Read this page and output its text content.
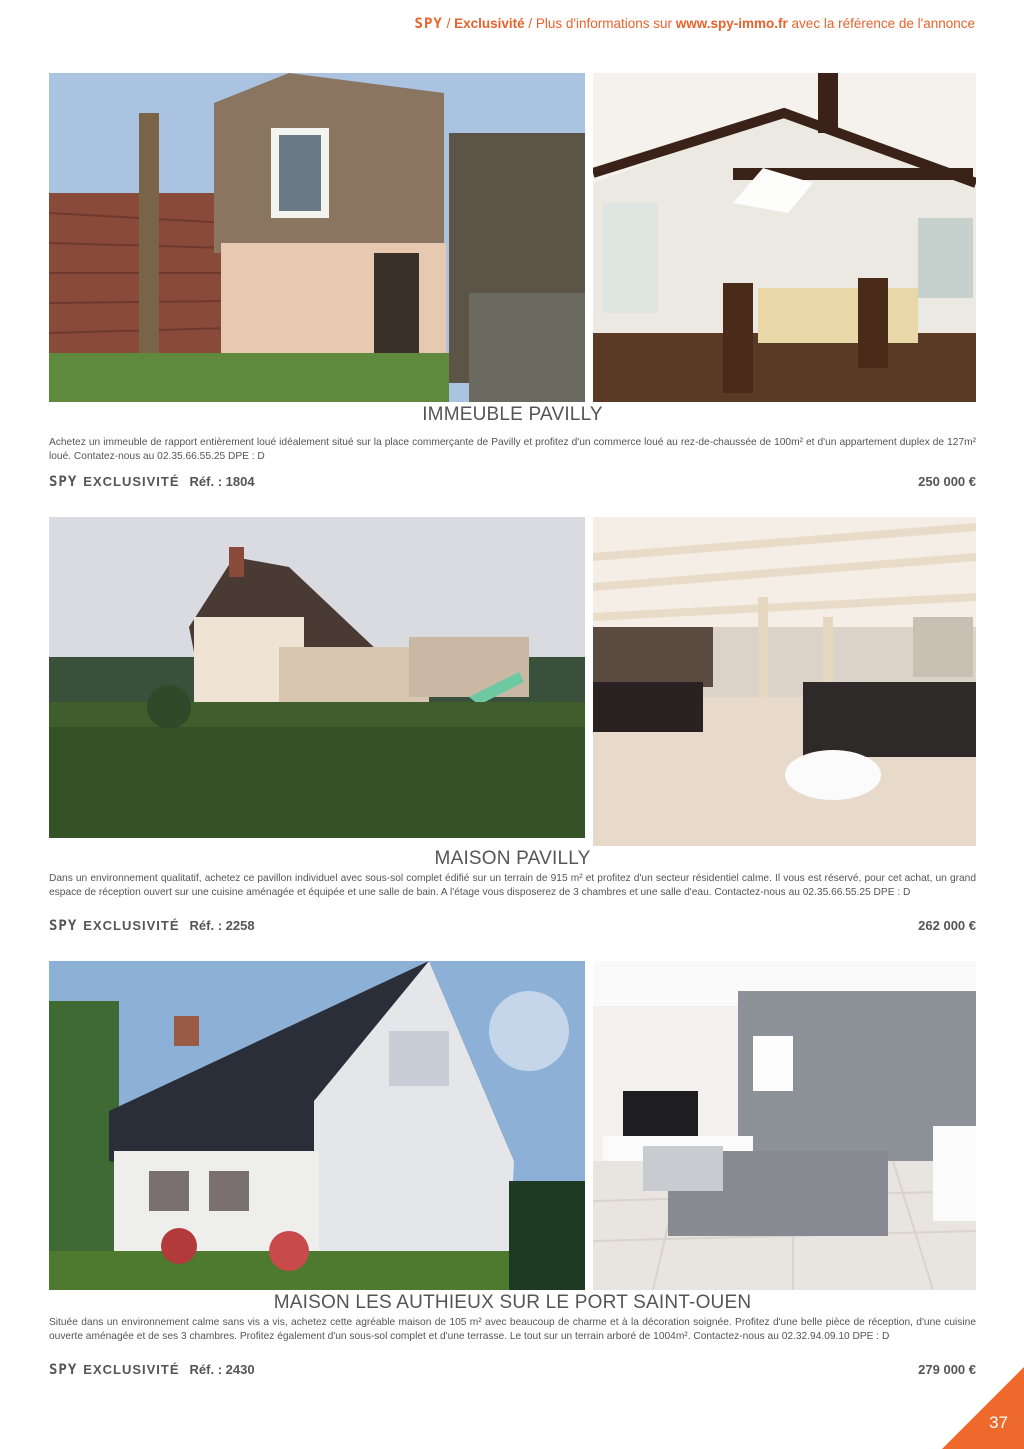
SPY / Exclusivité / Plus d'informations sur www.spy-immo.fr avec la référence de l'annonce
IMMEUBLE PAVILLY
Achetez un immeuble de rapport entièrement loué idéalement situé sur la place commerçante de Pavilly et profitez d'un commerce loué au rez-de-chaussée de 100m² et d'un appartement duplex de 127m² loué. Contatez-nous au 02.35.66.55.25 DPE : D
SPY EXCLUSIVITÉ Réf. : 1804	250 000 €
MAISON PAVILLY
Dans un environnement qualitatif, achetez ce pavillon individuel avec sous-sol complet édifié sur un terrain de 915 m² et profitez d'un secteur résidentiel calme. Il vous est réservé, pour cet achat, un grand espace de réception ouvert sur une cuisine aménagée et équipée et une salle de bain. A l'étage vous disposerez de 3 chambres et une salle d'eau. Contactez-nous au 02.35.66.55.25 DPE : D
SPY EXCLUSIVITÉ Réf. : 2258	262 000 €
MAISON LES AUTHIEUX SUR LE PORT SAINT-OUEN
Située dans un environnement calme sans vis a vis, achetez cette agréable maison de 105 m² avec beaucoup de charme et à la décoration soignée. Profitez d'une belle pièce de réception, d'une cuisine ouverte aménagée et de ses 3 chambres. Profitez également d'un sous-sol complet et d'une terrasse. Le tout sur un terrain arboré de 1004m². Contactez-nous au 02.32.94.09.10 DPE : D
SPY EXCLUSIVITÉ Réf. : 2430	279 000 €
37
